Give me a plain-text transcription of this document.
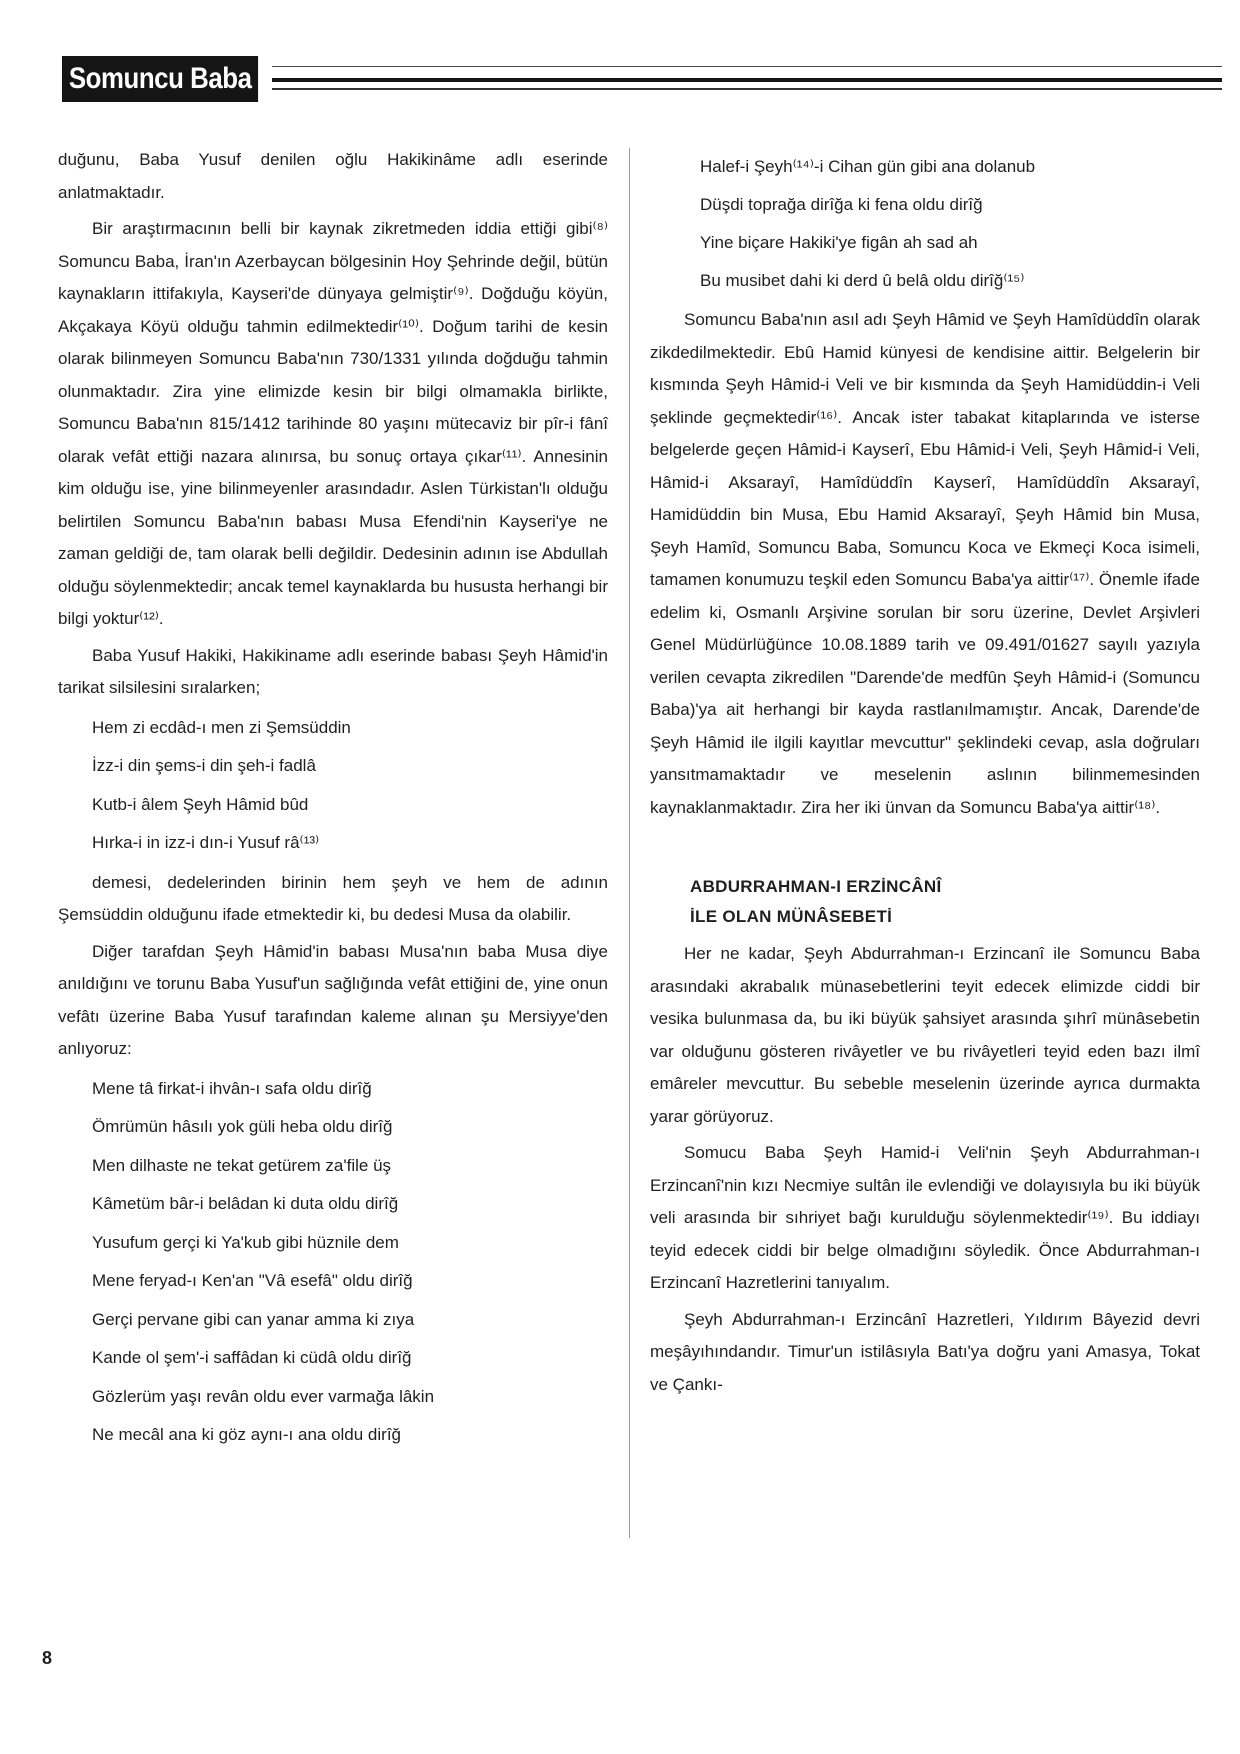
Somuncu Baba

duğunu, Baba Yusuf denilen oğlu Hakikinâme adlı eserinde anlatmaktadır.

Bir araştırmacının belli bir kaynak zikretmeden iddia ettiği gibi⁽⁸⁾ Somuncu Baba, İran'ın Azerbaycan bölgesinin Hoy Şehrinde değil, bütün kaynakların ittifakıyla, Kayseri'de dünyaya gelmiştir⁽⁹⁾. Doğduğu köyün, Akçakaya Köyü olduğu tahmin edilmektedir⁽¹⁰⁾. Doğum tarihi de kesin olarak bilinmeyen Somuncu Baba'nın 730/1331 yılında doğduğu tahmin olunmaktadır. Zira yine elimizde kesin bir bilgi olmamakla birlikte, Somuncu Baba'nın 815/1412 tarihinde 80 yaşını mütecaviz bir pîr-i fânî olarak vefât ettiği nazara alınırsa, bu sonuç ortaya çıkar⁽¹¹⁾. Annesinin kim olduğu ise, yine bilinmeyenler arasındadır. Aslen Türkistan'lı olduğu belirtilen Somuncu Baba'nın babası Musa Efendi'nin Kayseri'ye ne zaman geldiği de, tam olarak belli değildir. Dedesinin adının ise Abdullah olduğu söylenmektedir; ancak temel kaynaklarda bu hususta herhangi bir bilgi yoktur⁽¹²⁾.

Baba Yusuf Hakiki, Hakikiname adlı eserinde babası Şeyh Hâmid'in tarikat silsilesini sıralarken;

Hem zi ecdâd-ı men zi Şemsüddin
İzz-i din şems-i din şeh-i fadlâ
Kutb-i âlem Şeyh Hâmid bûd
Hırka-i in izz-i dın-i Yusuf râ⁽¹³⁾

demesi, dedelerinden birinin hem şeyh ve hem de adının Şemsüddin olduğunu ifade etmektedir ki, bu dedesi Musa da olabilir.

Diğer tarafdan Şeyh Hâmid'in babası Musa'nın baba Musa diye anıldığını ve torunu Baba Yusuf'un sağlığında vefât ettiğini de, yine onun vefâtı üzerine Baba Yusuf tarafından kaleme alınan şu Mersiyye'den anlıyoruz:

Mene tâ firkat-i ihvân-ı safa oldu dirîğ
Ömrümün hâsılı yok güli heba oldu dirîğ
Men dilhaste ne tekat getürem za'file üş
Kâmetüm bâr-i belâdan ki duta oldu dirîğ
Yusufum gerçi ki Ya'kub gibi hüznile dem
Mene feryad-ı Ken'an "Vâ esefâ" oldu dirîğ
Gerçi pervane gibi can yanar amma ki zıya
Kande ol şem'-i saffâdan ki cüdâ oldu dirîğ
Gözlerüm yaşı revân oldu ever varmağa lâkin
Ne mecâl ana ki göz aynı-ı ana oldu dirîğ
Halef-i Şeyh⁽¹⁴⁾-i Cihan gün gibi ana dolanub
Düşdi toprağa dirîğa ki fena oldu dirîğ
Yine biçare Hakiki'ye figân ah sad ah
Bu musibet dahi ki derd û belâ oldu dirîğ⁽¹⁵⁾

Somuncu Baba'nın asıl adı Şeyh Hâmid ve Şeyh Hamîdüddîn olarak zikdedilmektedir. Ebû Hamid künyesi de kendisine aittir. Belgelerin bir kısmında Şeyh Hâmid-i Veli ve bir kısmında da Şeyh Hamidüddin-i Veli şeklinde geçmektedir⁽¹⁶⁾. Ancak ister tabakat kitaplarında ve isterse belgelerde geçen Hâmid-i Kayserî, Ebu Hâmid-i Veli, Şeyh Hâmid-i Veli, Hâmid-i Aksarayî, Hamîdüddîn Kayserî, Hamîdüddîn Aksarayî, Hamidüddin bin Musa, Ebu Hamid Aksarayî, Şeyh Hâmid bin Musa, Şeyh Hamîd, Somuncu Baba, Somuncu Koca ve Ekmeçi Koca isimeli, tamamen konumuzu teşkil eden Somuncu Baba'ya aittir⁽¹⁷⁾. Önemle ifade edelim ki, Osmanlı Arşivine sorulan bir soru üzerine, Devlet Arşivleri Genel Müdürlüğünce 10.08.1889 tarih ve 09.491/01627 sayılı yazıyla verilen cevapta zikredilen "Darende'de medfûn Şeyh Hâmid-i (Somuncu Baba)'ya ait herhangi bir kayda rastlanılmamıştır. Ancak, Darende'de Şeyh Hâmid ile ilgili kayıtlar mevcuttur" şeklindeki cevap, asla doğruları yansıtmamaktadır ve meselenin aslının bilinmemesinden kaynaklanmaktadır. Zira her iki ünvan da Somuncu Baba'ya aittir⁽¹⁸⁾.

ABDURRAHMAN-I ERZİNCÂNÎ
İLE OLAN MÜNÂSEBETİ

Her ne kadar, Şeyh Abdurrahman-ı Erzincanî ile Somuncu Baba arasındaki akrabalık münasebetlerini teyit edecek elimizde ciddi bir vesika bulunmasa da, bu iki büyük şahsiyet arasında şıhrî münâsebetin var olduğunu gösteren rivâyetler ve bu rivâyetleri teyid eden bazı ilmî emâreler mevcuttur. Bu sebeble meselenin üzerinde ayrıca durmakta yarar görüyoruz.

Somucu Baba Şeyh Hamid-i Veli'nin Şeyh Abdurrahman-ı Erzincanî'nin kızı Necmiye sultân ile evlendiği ve dolayısıyla bu iki büyük veli arasında bir sıhriyet bağı kurulduğu söylenmektedir⁽¹⁹⁾. Bu iddiayı teyid edecek ciddi bir belge olmadığını söyledik. Önce Abdurrahman-ı Erzincanî Hazretlerini tanıyalım.

Şeyh Abdurrahman-ı Erzincânî Hazretleri, Yıldırım Bâyezid devri meşâyıhındandır. Timur'un istilâsıyla Batı'ya doğru yani Amasya, Tokat ve Çankı-

8
